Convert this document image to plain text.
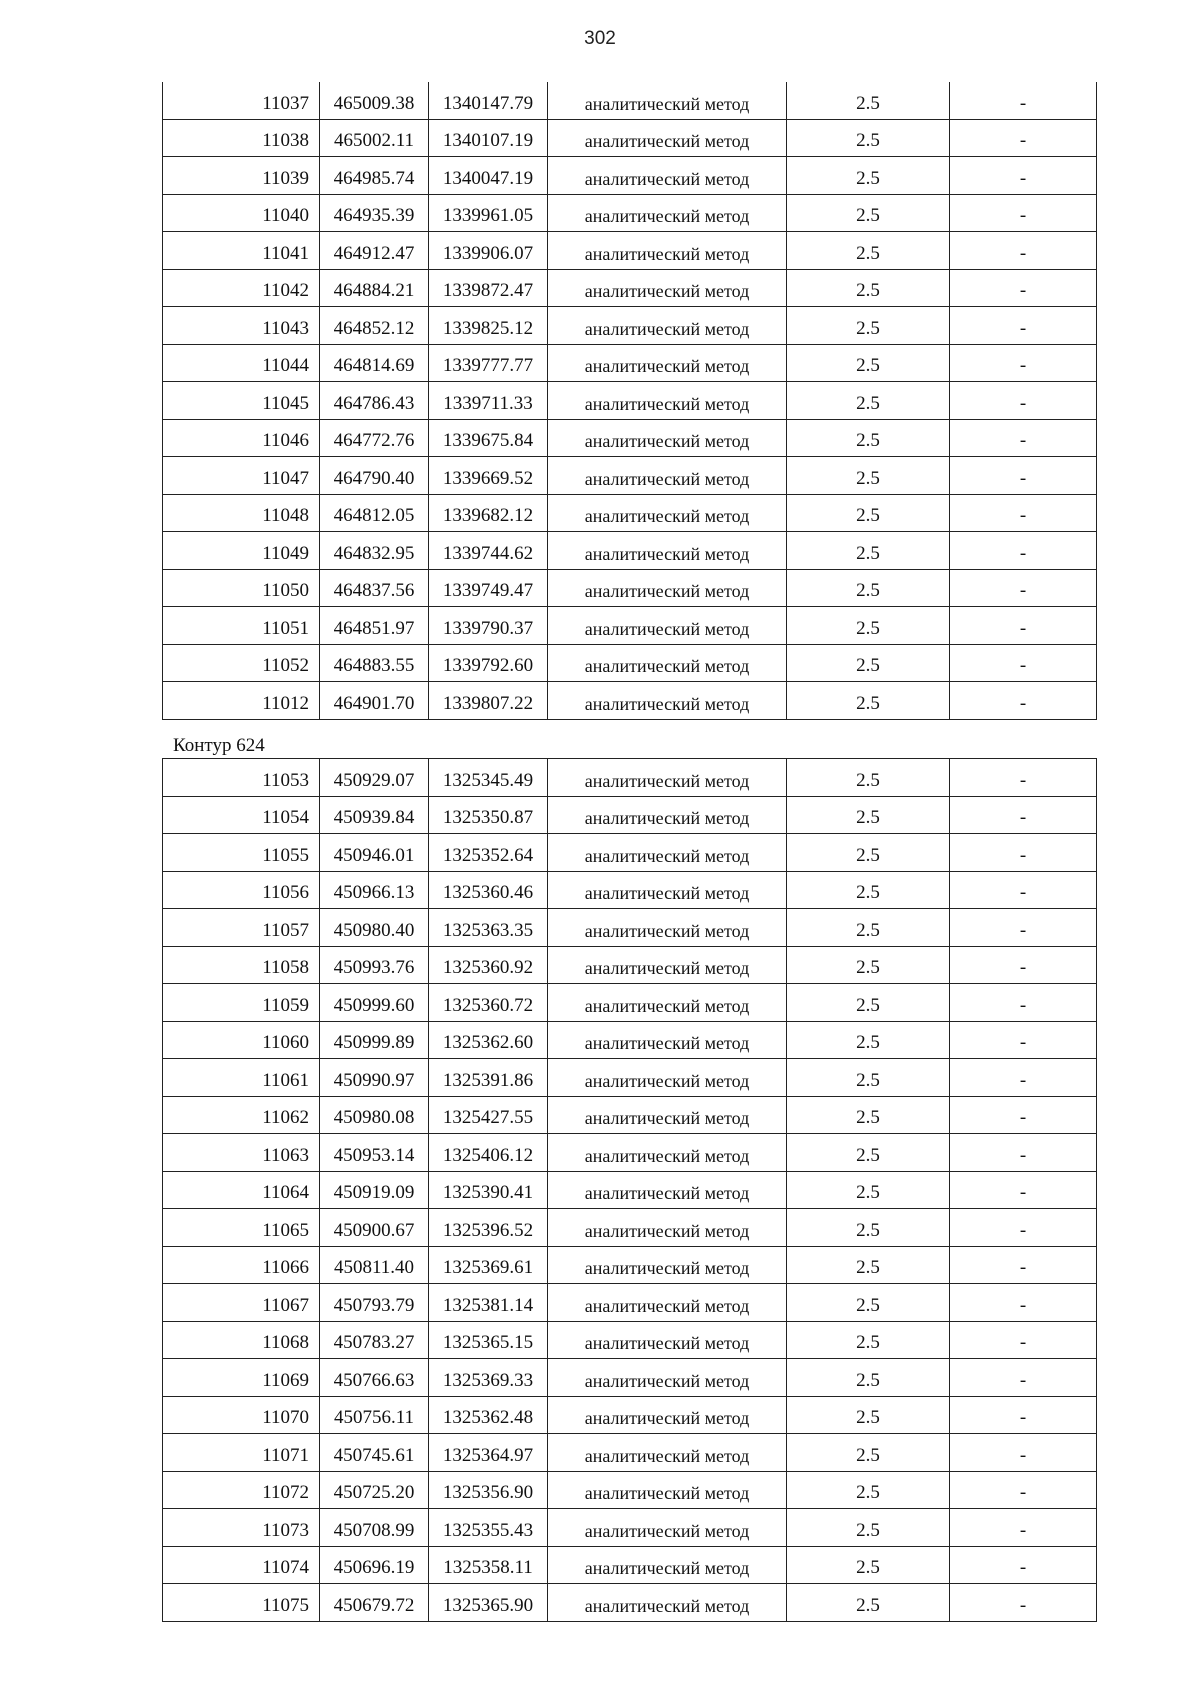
302
11037	465009.38	1340147.79	аналитический метод	2.5	-

11038	465002.11	1340107.19	аналитический метод	2.5	-

11039	464985.74	1340047.19	аналитический метод	2.5	-

11040	464935.39	1339961.05	аналитический метод	2.5	-

11041	464912.47	1339906.07	аналитический метод	2.5	-

11042	464884.21	1339872.47	аналитический метод	2.5	-

11043	464852.12	1339825.12	аналитический метод	2.5	-

11044	464814.69	1339777.77	аналитический метод	2.5	-

11045	464786.43	1339711.33	аналитический метод	2.5	-

11046	464772.76	1339675.84	аналитический метод	2.5	-

11047	464790.40	1339669.52	аналитический метод	2.5	-

11048	464812.05	1339682.12	аналитический метод	2.5	-

11049	464832.95	1339744.62	аналитический метод	2.5	-

11050	464837.56	1339749.47	аналитический метод	2.5	-

11051	464851.97	1339790.37	аналитический метод	2.5	-

11052	464883.55	1339792.60	аналитический метод	2.5	-

11012	464901.70	1339807.22	аналитический метод	2.5	-
Контур 624
11053	450929.07	1325345.49	аналитический метод	2.5	-

11054	450939.84	1325350.87	аналитический метод	2.5	-

11055	450946.01	1325352.64	аналитический метод	2.5	-

11056	450966.13	1325360.46	аналитический метод	2.5	-

11057	450980.40	1325363.35	аналитический метод	2.5	-

11058	450993.76	1325360.92	аналитический метод	2.5	-

11059	450999.60	1325360.72	аналитический метод	2.5	-

11060	450999.89	1325362.60	аналитический метод	2.5	-

11061	450990.97	1325391.86	аналитический метод	2.5	-

11062	450980.08	1325427.55	аналитический метод	2.5	-

11063	450953.14	1325406.12	аналитический метод	2.5	-

11064	450919.09	1325390.41	аналитический метод	2.5	-

11065	450900.67	1325396.52	аналитический метод	2.5	-

11066	450811.40	1325369.61	аналитический метод	2.5	-

11067	450793.79	1325381.14	аналитический метод	2.5	-

11068	450783.27	1325365.15	аналитический метод	2.5	-

11069	450766.63	1325369.33	аналитический метод	2.5	-

11070	450756.11	1325362.48	аналитический метод	2.5	-

11071	450745.61	1325364.97	аналитический метод	2.5	-

11072	450725.20	1325356.90	аналитический метод	2.5	-

11073	450708.99	1325355.43	аналитический метод	2.5	-

11074	450696.19	1325358.11	аналитический метод	2.5	-

11075	450679.72	1325365.90	аналитический метод	2.5	-
